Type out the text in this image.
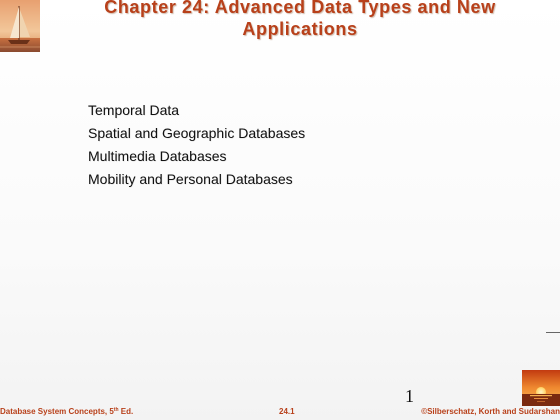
Chapter 24: Advanced Data Types and New
Applications
Temporal Data
Spatial and Geographic Databases
Multimedia Databases
Mobility and Personal Databases
1
Database System Concepts, 5th Ed.	24.1	©Silberschatz, Korth and Sudarshan
